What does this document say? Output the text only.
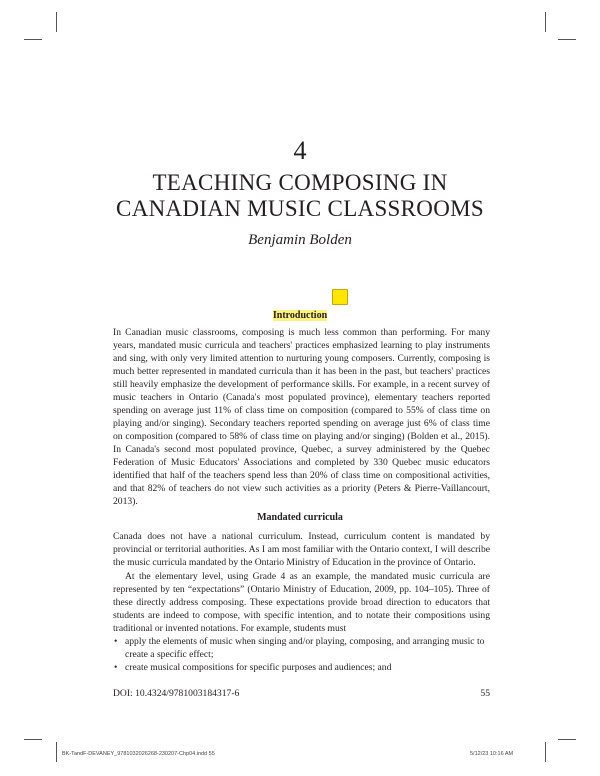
4
TEACHING COMPOSING IN
CANADIAN MUSIC CLASSROOMS
Benjamin Bolden
Introduction

In Canadian music classrooms, composing is much less common than performing. For many years, mandated music curricula and teachers' practices emphasized learning to play instruments and sing, with only very limited attention to nurturing young composers. Currently, composing is much better represented in mandated curricula than it has been in the past, but teachers' practices still heavily emphasize the development of performance skills. For example, in a recent survey of music teachers in Ontario (Canada's most populated province), elementary teachers reported spending on average just 11% of class time on composition (compared to 55% of class time on playing and/or singing). Secondary teachers reported spending on average just 6% of class time on composition (compared to 58% of class time on playing and/or singing) (Bolden et al., 2015). In Canada's second most populated province, Quebec, a survey administered by the Quebec Federation of Music Educators' Associations and completed by 330 Quebec music educators identified that half of the teachers spend less than 20% of class time on compositional activities, and that 82% of teachers do not view such activities as a priority (Peters & Pierre-Vaillancourt, 2013).

Mandated curricula

Canada does not have a national curriculum. Instead, curriculum content is mandated by provincial or territorial authorities. As I am most familiar with the Ontario context, I will describe the music curricula mandated by the Ontario Ministry of Education in the province of Ontario.

At the elementary level, using Grade 4 as an example, the mandated music curricula are represented by ten “expectations” (Ontario Ministry of Education, 2009, pp. 104–105). Three of these directly address composing. These expectations provide broad direction to educators that students are indeed to compose, with specific intention, and to notate their compositions using traditional or invented notations. For example, students must

• apply the elements of music when singing and/or playing, composing, and arranging music to create a specific effect;
• create musical compositions for specific purposes and audiences; and
DOI: 10.4324/9781003184317-6	55
BK-TandF-DEVANEY_9781032026268-230207-Chp04.indd 55	5/12/23 10:16 AM
